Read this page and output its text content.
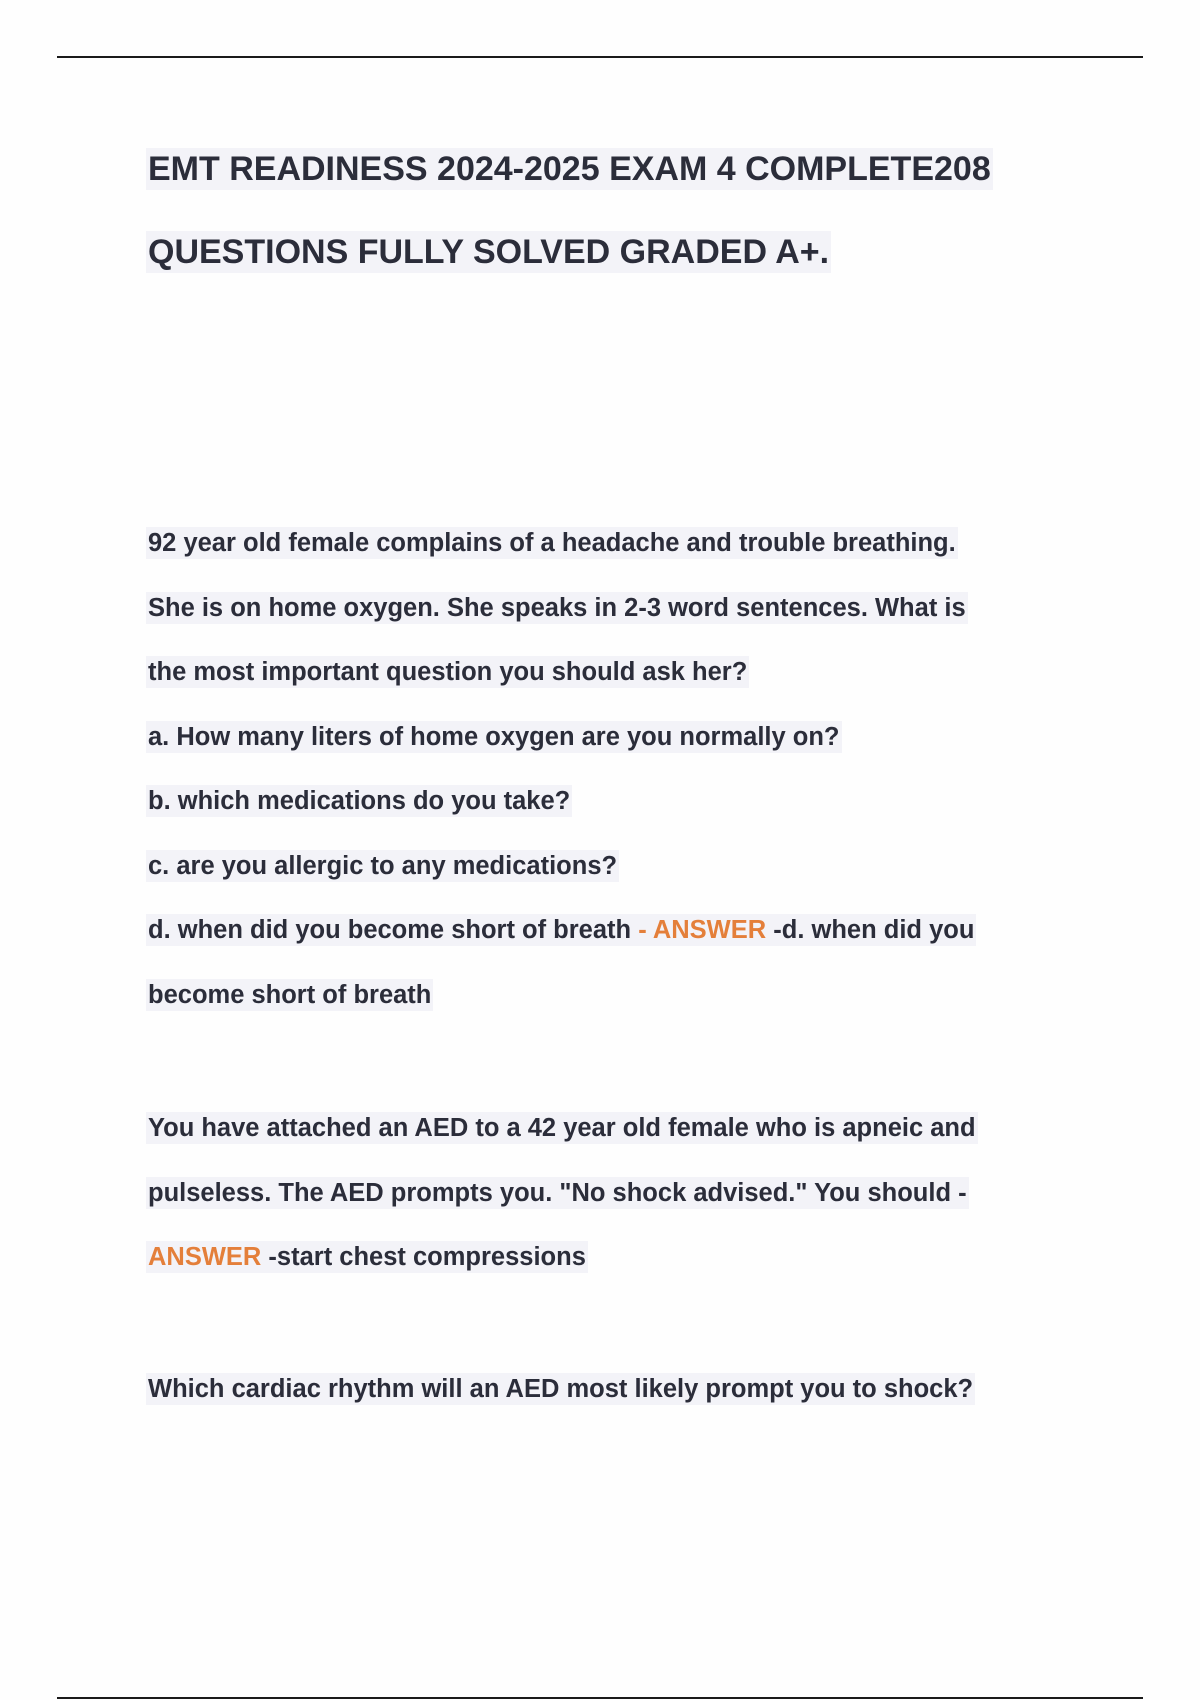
EMT READINESS 2024-2025 EXAM 4 COMPLETE208
QUESTIONS FULLY SOLVED GRADED A+.
92 year old female complains of a headache and trouble breathing.
She is on home oxygen. She speaks in 2-3 word sentences. What is
the most important question you should ask her?
a. How many liters of home oxygen are you normally on?
b. which medications do you take?
c. are you allergic to any medications?
d. when did you become short of breath - ANSWER -d. when did you
become short of breath
You have attached an AED to a 42 year old female who is apneic and
pulseless. The AED prompts you. "No shock advised." You should -
ANSWER -start chest compressions
Which cardiac rhythm will an AED most likely prompt you to shock?
